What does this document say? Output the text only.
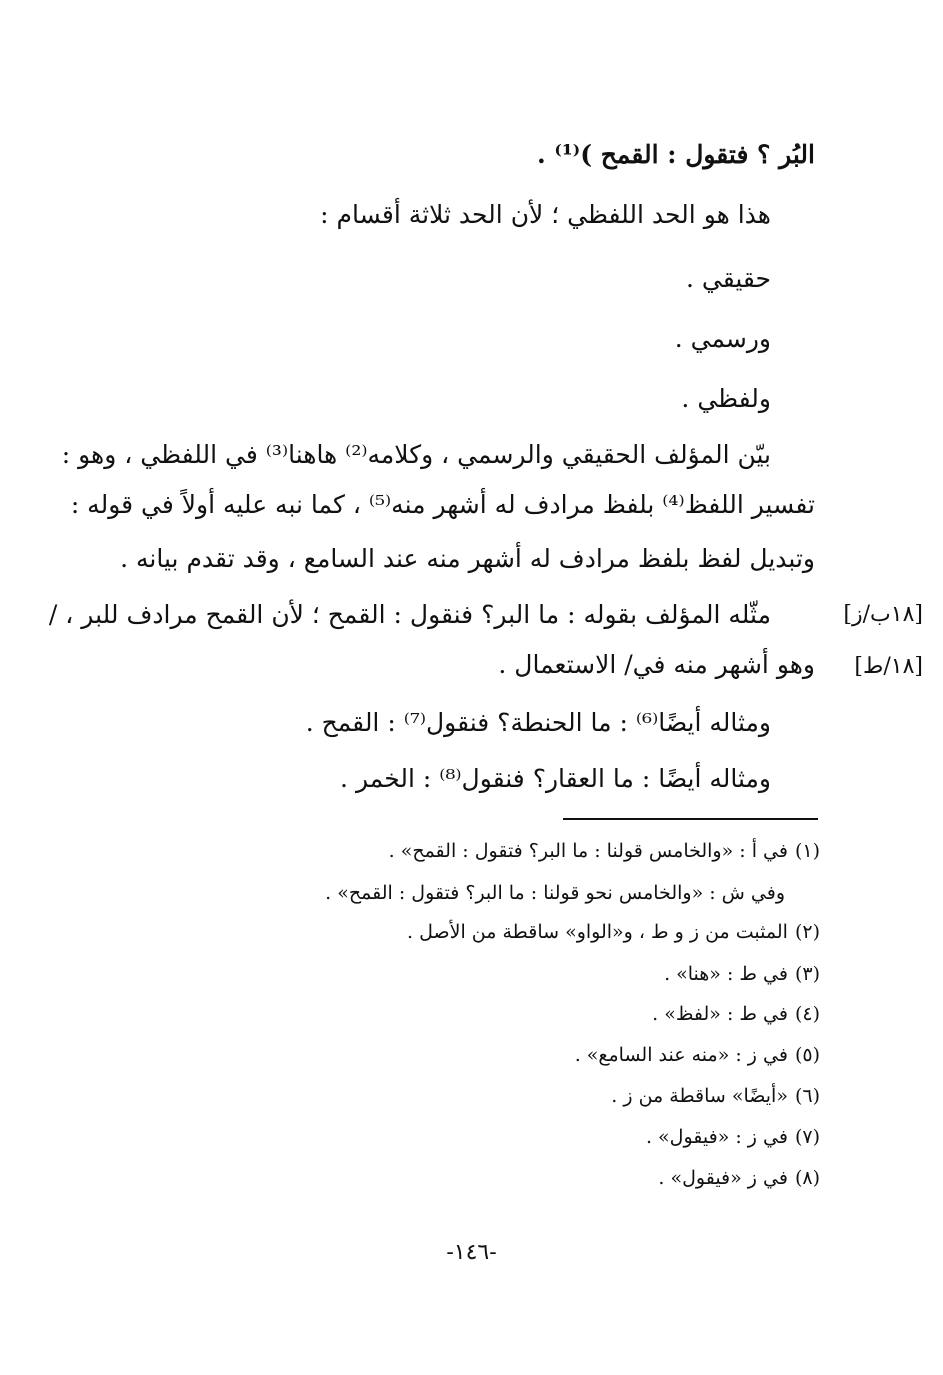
البُر ؟ فتقول : القمح )⁽¹⁾ .

هذا هو الحد اللفظي ؛ لأن الحد ثلاثة أقسام :

حقيقي .

ورسمي .

ولفظي .

بيّن المؤلف الحقيقي والرسمي ، وكلامه⁽²⁾ هاهنا⁽³⁾ في اللفظي ، وهو :

تفسير اللفظ⁽⁴⁾ بلفظ مرادف له أشهر منه⁽⁵⁾ ، كما نبه عليه أولاً في قوله :

وتبديل لفظ بلفظ مرادف له أشهر منه عند السامع ، وقد تقدم بيانه .

مثّله المؤلف بقوله : ما البر؟ فنقول : القمح ؛ لأن القمح مرادف للبر ، /	[١٨ب/ز]

وهو أشهر منه في/ الاستعمال . [١٨/ط]

ومثاله أيضًا⁽⁶⁾ : ما الحنطة؟ فنقول⁽⁷⁾ : القمح .

ومثاله أيضًا : ما العقار؟ فنقول⁽⁸⁾ : الخمر .

(١) في أ : «والخامس قولنا : ما البر؟ فتقول : القمح» .
وفي ش : «والخامس نحو قولنا : ما البر؟ فتقول : القمح» .
(٢) المثبت من ز و ط ، و«الواو» ساقطة من الأصل .
(٣) في ط : «هنا» .
(٤) في ط : «لفظ» .
(٥) في ز : «منه عند السامع» .
(٦) «أيضًا» ساقطة من ز .
(٧) في ز : «فيقول» .
(٨) في ز «فيقول» .
-١٤٦-
